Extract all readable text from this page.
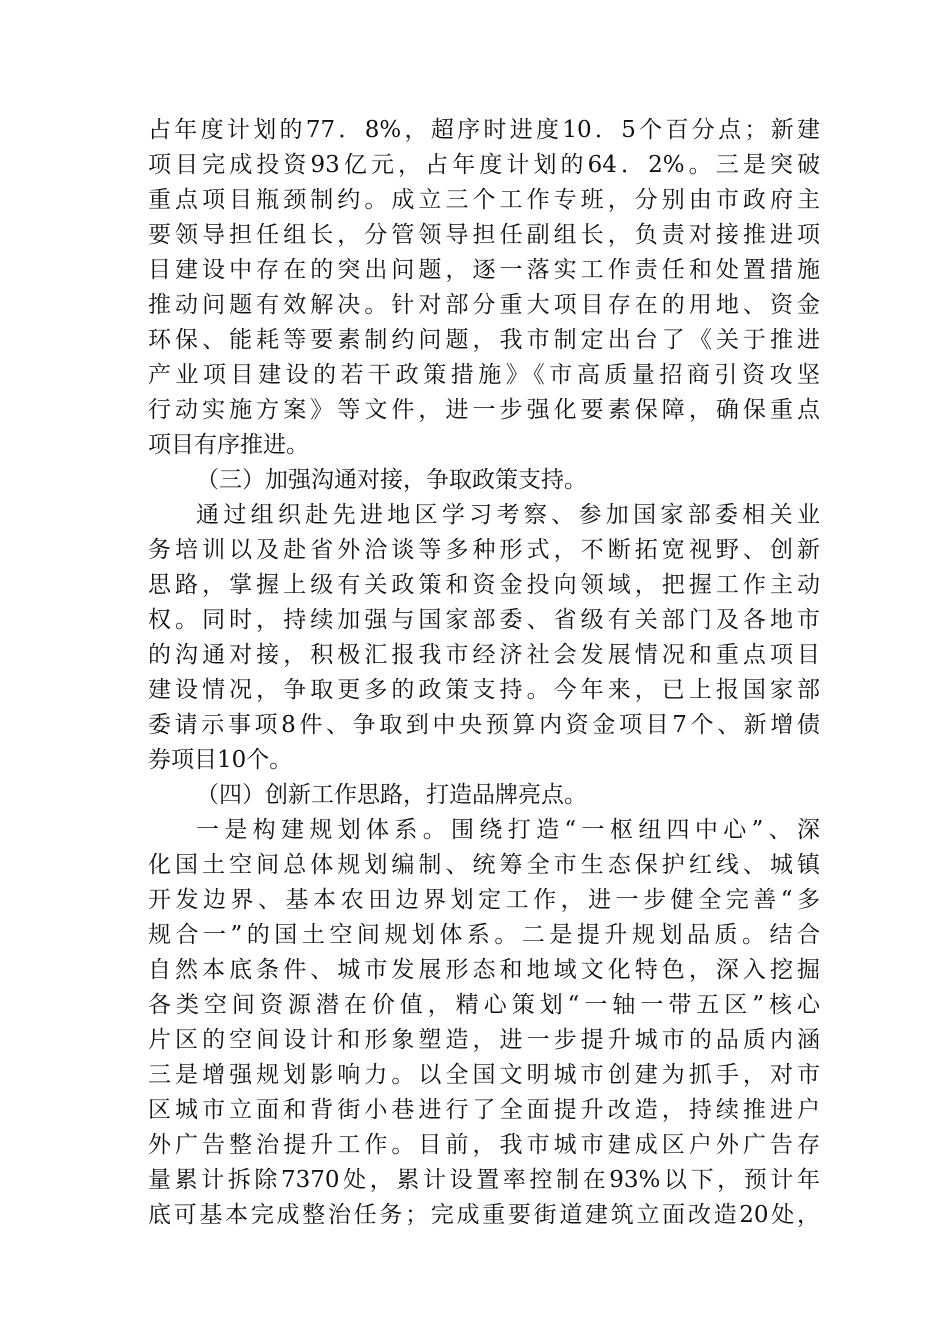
占年度计划的77．8%，超序时进度10．5个百分点；新建
项目完成投资93亿元，占年度计划的64．2%。三是突破
重点项目瓶颈制约。成立三个工作专班，分别由市政府主
要领导担任组长，分管领导担任副组长，负责对接推进项
目建设中存在的突出问题，逐一落实工作责任和处置措施
推动问题有效解决。针对部分重大项目存在的用地、资金
环保、能耗等要素制约问题，我市制定出台了《关于推进
产业项目建设的若干政策措施》《市高质量招商引资攻坚
行动实施方案》等文件，进一步强化要素保障，确保重点
项目有序推进。
（三）加强沟通对接，争取政策支持。
通过组织赴先进地区学习考察、参加国家部委相关业
务培训以及赴省外洽谈等多种形式，不断拓宽视野、创新
思路，掌握上级有关政策和资金投向领域，把握工作主动
权。同时，持续加强与国家部委、省级有关部门及各地市
的沟通对接，积极汇报我市经济社会发展情况和重点项目
建设情况，争取更多的政策支持。今年来，已上报国家部
委请示事项8件、争取到中央预算内资金项目7个、新增债
券项目10个。
（四）创新工作思路，打造品牌亮点。
一是构建规划体系。围绕打造“一枢纽四中心”、深
化国土空间总体规划编制、统筹全市生态保护红线、城镇
开发边界、基本农田边界划定工作，进一步健全完善“多
规合一”的国土空间规划体系。二是提升规划品质。结合
自然本底条件、城市发展形态和地域文化特色，深入挖掘
各类空间资源潜在价值，精心策划“一轴一带五区”核心
片区的空间设计和形象塑造，进一步提升城市的品质内涵
三是增强规划影响力。以全国文明城市创建为抓手，对市
区城市立面和背街小巷进行了全面提升改造，持续推进户
外广告整治提升工作。目前，我市城市建成区户外广告存
量累计拆除7370处，累计设置率控制在93%以下，预计年
底可基本完成整治任务；完成重要街道建筑立面改造20处，
